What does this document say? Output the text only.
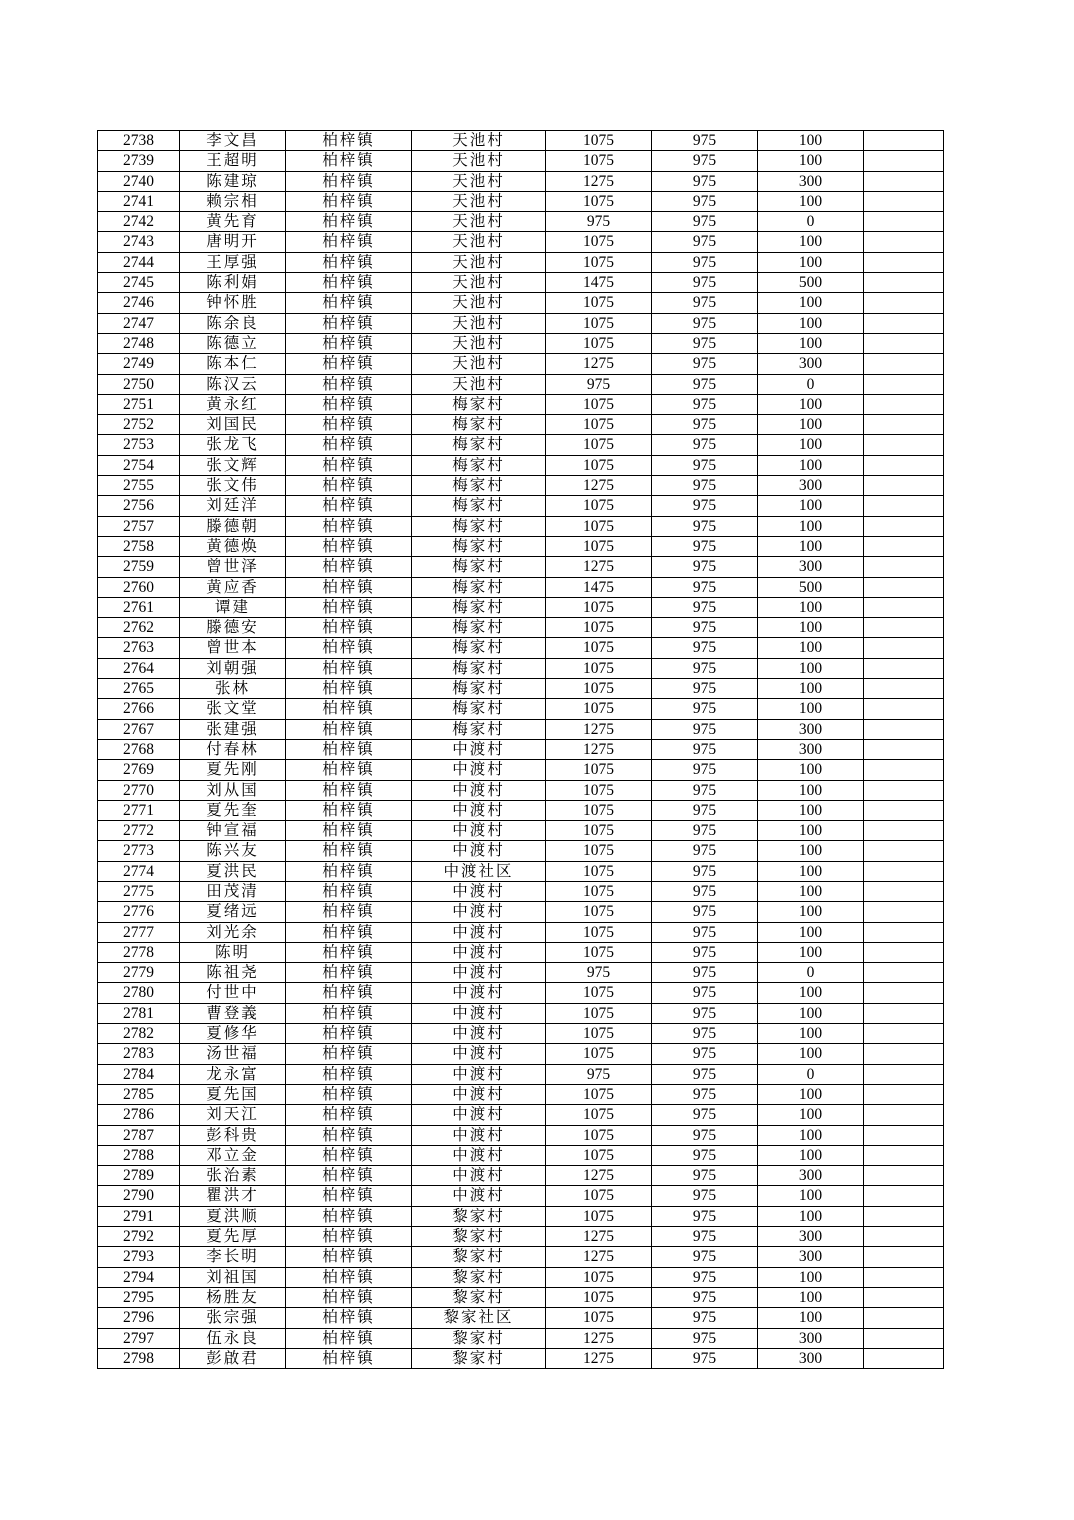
2738	李文昌	柏梓镇	天池村	1075	975	100	
2739	王超明	柏梓镇	天池村	1075	975	100	
2740	陈建琼	柏梓镇	天池村	1275	975	300	
2741	赖宗相	柏梓镇	天池村	1075	975	100	
2742	黄先育	柏梓镇	天池村	975	975	0	
2743	唐明开	柏梓镇	天池村	1075	975	100	
2744	王厚强	柏梓镇	天池村	1075	975	100	
2745	陈利娟	柏梓镇	天池村	1475	975	500	
2746	钟怀胜	柏梓镇	天池村	1075	975	100	
2747	陈余良	柏梓镇	天池村	1075	975	100	
2748	陈德立	柏梓镇	天池村	1075	975	100	
2749	陈本仁	柏梓镇	天池村	1275	975	300	
2750	陈汉云	柏梓镇	天池村	975	975	0	
2751	黄永红	柏梓镇	梅家村	1075	975	100	
2752	刘国民	柏梓镇	梅家村	1075	975	100	
2753	张龙飞	柏梓镇	梅家村	1075	975	100	
2754	张文辉	柏梓镇	梅家村	1075	975	100	
2755	张文伟	柏梓镇	梅家村	1275	975	300	
2756	刘廷洋	柏梓镇	梅家村	1075	975	100	
2757	滕德朝	柏梓镇	梅家村	1075	975	100	
2758	黄德焕	柏梓镇	梅家村	1075	975	100	
2759	曾世泽	柏梓镇	梅家村	1275	975	300	
2760	黄应香	柏梓镇	梅家村	1475	975	500	
2761	谭建	柏梓镇	梅家村	1075	975	100	
2762	滕德安	柏梓镇	梅家村	1075	975	100	
2763	曾世本	柏梓镇	梅家村	1075	975	100	
2764	刘朝强	柏梓镇	梅家村	1075	975	100	
2765	张林	柏梓镇	梅家村	1075	975	100	
2766	张文堂	柏梓镇	梅家村	1075	975	100	
2767	张建强	柏梓镇	梅家村	1275	975	300	
2768	付春林	柏梓镇	中渡村	1275	975	300	
2769	夏先刚	柏梓镇	中渡村	1075	975	100	
2770	刘从国	柏梓镇	中渡村	1075	975	100	
2771	夏先奎	柏梓镇	中渡村	1075	975	100	
2772	钟宣福	柏梓镇	中渡村	1075	975	100	
2773	陈兴友	柏梓镇	中渡村	1075	975	100	
2774	夏洪民	柏梓镇	中渡社区	1075	975	100	
2775	田茂清	柏梓镇	中渡村	1075	975	100	
2776	夏绪远	柏梓镇	中渡村	1075	975	100	
2777	刘光余	柏梓镇	中渡村	1075	975	100	
2778	陈明	柏梓镇	中渡村	1075	975	100	
2779	陈祖尧	柏梓镇	中渡村	975	975	0	
2780	付世中	柏梓镇	中渡村	1075	975	100	
2781	曹登義	柏梓镇	中渡村	1075	975	100	
2782	夏修华	柏梓镇	中渡村	1075	975	100	
2783	汤世福	柏梓镇	中渡村	1075	975	100	
2784	龙永富	柏梓镇	中渡村	975	975	0	
2785	夏先国	柏梓镇	中渡村	1075	975	100	
2786	刘天江	柏梓镇	中渡村	1075	975	100	
2787	彭科贵	柏梓镇	中渡村	1075	975	100	
2788	邓立金	柏梓镇	中渡村	1075	975	100	
2789	张治素	柏梓镇	中渡村	1275	975	300	
2790	瞿洪才	柏梓镇	中渡村	1075	975	100	
2791	夏洪顺	柏梓镇	黎家村	1075	975	100	
2792	夏先厚	柏梓镇	黎家村	1275	975	300	
2793	李长明	柏梓镇	黎家村	1275	975	300	
2794	刘祖国	柏梓镇	黎家村	1075	975	100	
2795	杨胜友	柏梓镇	黎家村	1075	975	100	
2796	张宗强	柏梓镇	黎家社区	1075	975	100	
2797	伍永良	柏梓镇	黎家村	1275	975	300	
2798	彭啟君	柏梓镇	黎家村	1275	975	300	
